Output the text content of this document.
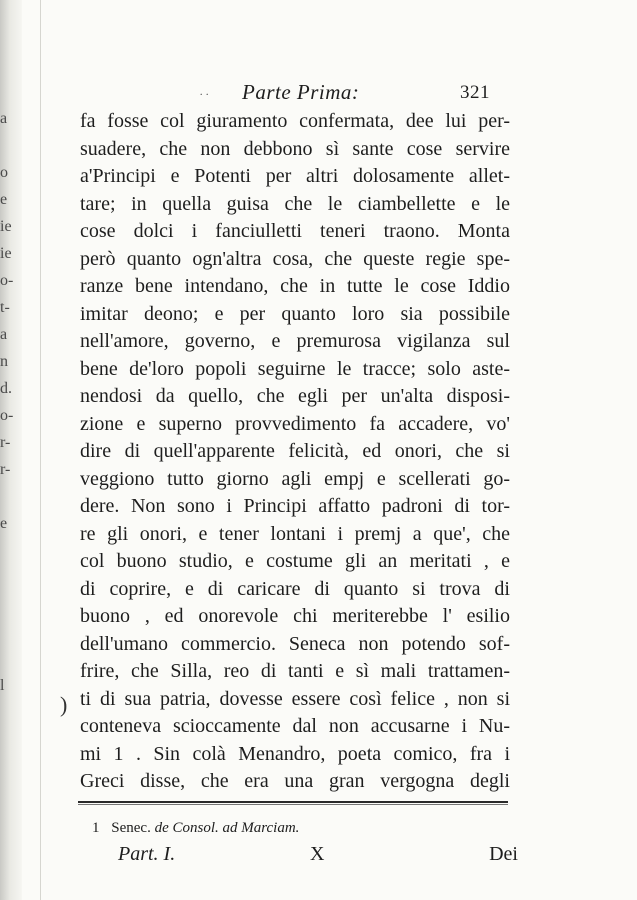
a
o
e
ie
ie
o-
t-
a
n
d.
o-
r-
r-
e
l
.. Parte Prima:	321
fa fosse col giuramento confermata, dee lui per-
suadere, che non debbono sì sante cose servire
a'Principi e Potenti per altri dolosamente allet-
tare; in quella guisa che le ciambellette e le
cose dolci i fanciulletti teneri traono. Monta
però quanto ogn'altra cosa, che queste regie spe-
ranze bene intendano, che in tutte le cose Iddio
imitar deono; e per quanto loro sia possibile
nell'amore, governo, e premurosa vigilanza sul
bene de'loro popoli seguirne le tracce; solo aste-
nendosi da quello, che egli per un'alta disposi-
zione e superno provvedimento fa accadere, vo'
dire di quell'apparente felicità, ed onori, che si
veggiono tutto giorno agli empj e scellerati go-
dere. Non sono i Principi affatto padroni di tor-
re gli onori, e tener lontani i premj a que', che
col buono studio, e costume gli an meritati , e
di coprire, e di caricare di quanto si trova di
buono , ed onorevole chi meriterebbe l' esilio
dell'umano commercio. Seneca non potendo sof-
frire, che Silla, reo di tanti e sì mali trattamen-
ti di sua patria, dovesse essere così felice , non si
conteneva scioccamente dal non accusarne i Nu-
mi 1 . Sin colà Menandro, poeta comico, fra i
Greci disse, che era una gran vergogna degli
)
1 Senec. de Consol. ad Marciam.
Part. I.	X	Dei
